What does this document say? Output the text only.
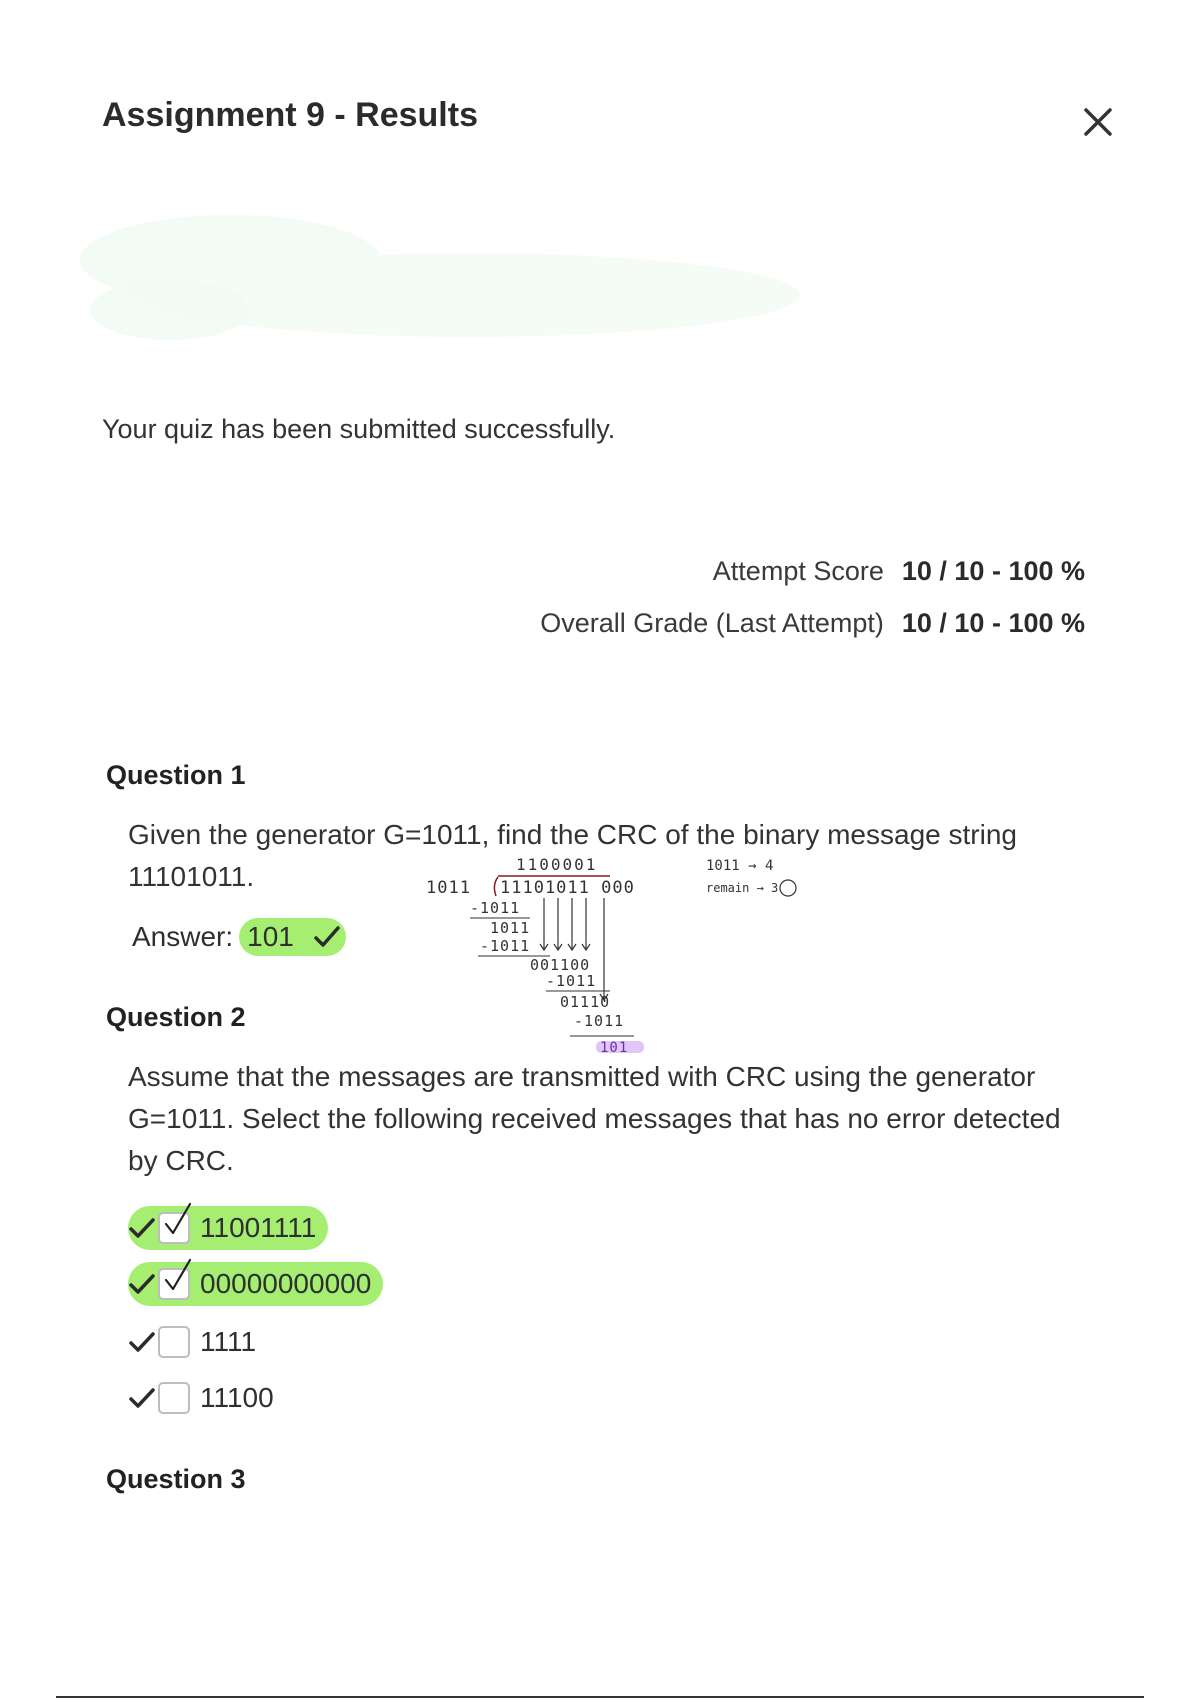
Assignment 9 - Results
Your quiz has been submitted successfully.
Attempt Score 10 / 10 - 100 %
Overall Grade (Last Attempt) 10 / 10 - 100 %
Question 1
Given the generator G=1011, find the CRC of the binary message string
11101011.
Answer: 101
1100001
1011 11101011 000
-1011
1011
-1011
001100
-1011
01110
-1011
101
1011 → 4
remain → 3
Question 2
Assume that the messages are transmitted with CRC using the generator
G=1011. Select the following received messages that has no error detected
by CRC.
11001111
00000000000
1111
11100
Question 3
